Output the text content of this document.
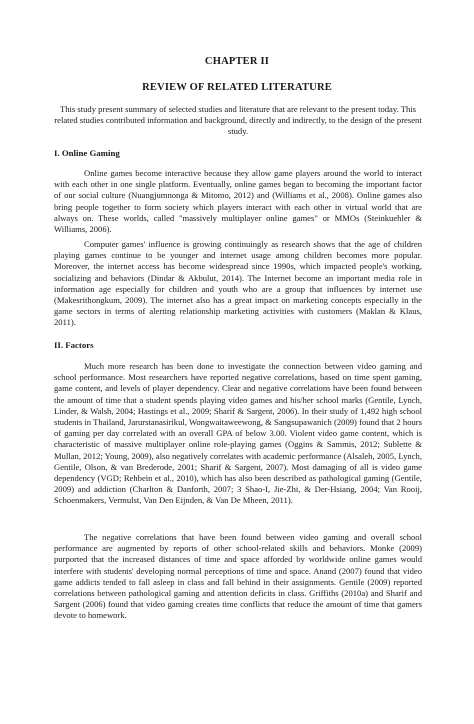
CHAPTER II
REVIEW OF RELATED LITERATURE
This study present summary of selected studies and literature that are relevant to the present today. This related studies contributed information and background, directly and indirectly, to the design of the present study.
I. Online Gaming
Online games become interactive because they allow game players around the world to interact with each other in one single platform. Eventually, online games began to becoming the important factor of our social culture (Nuangjumnonga & Mitomo, 2012) and (Williams et al., 2008). Online games also bring people together to form society which players interact with each other in virtual world that are always on. These worlds, called "massively multiplayer online games" or MMOs (Steinkuehler & Williams, 2006).
Computer games' influence is growing continuingly as research shows that the age of children playing games continue to be younger and internet usage among children becomes more popular. Moreover, the internet access has become widespread since 1990s, which impacted people's working, socializing and behaviors (Dindar & Akbulut, 2014). The Internet become an important media role in information age especially for children and youth who are a group that influences by internet use (Makesrithongkum, 2009). The internet also has a great impact on marketing concepts especially in the game sectors in terms of alerting relationship marketing activities with customers (Maklan & Klaus, 2011).
II. Factors
Much more research has been done to investigate the connection between video gaming and school performance. Most researchers have reported negative correlations, based on time spent gaming, game content, and levels of player dependency. Clear and negative correlations have been found between the amount of time that a student spends playing video games and his/her school marks (Gentile, Lynch, Linder, & Walsh, 2004; Hastings et al., 2009; Sharif & Sargent, 2006). In their study of 1,492 high school students in Thailand, Jarurstanasirikul, Wongwaitaweewong, & Sangsupawanich (2009) found that 2 hours of gaming per day correlated with an overall GPA of below 3.00. Violent video game content, which is characteristic of massive multiplayer online role-playing games (Oggins & Sammis, 2012; Sublette & Mullan, 2012; Young, 2009), also negatively correlates with academic performance (Alsaleh, 2005, Lynch, Gentile, Olson, & van Brederode, 2001; Sharif & Sargent, 2007). Most damaging of all is video game dependency (VGD; Rehbein et al., 2010), which has also been described as pathological gaming (Gentile, 2009) and addiction (Charlton & Danforth, 2007; 3 Shao-I, Jie-Zhi, & Der-Hsiang, 2004; Van Rooij, Schoenmakers, Vermulst, Van Den Eijnden, & Van De Mheen, 2011).
The negative correlations that have been found between video gaming and overall school performance are augmented by reports of other school-related skills and behaviors. Monke (2009) purported that the increased distances of time and space afforded by worldwide online games would interfere with students' developing normal perceptions of time and space. Anand (2007) found that video game addicts tended to fall asleep in class and fall behind in their assignments. Gentile (2009) reported correlations between pathological gaming and attention deficits in class. Griffiths (2010a) and Sharif and Sargent (2006) found that video gaming creates time conflicts that reduce the amount of time that gamers devote to homework.
